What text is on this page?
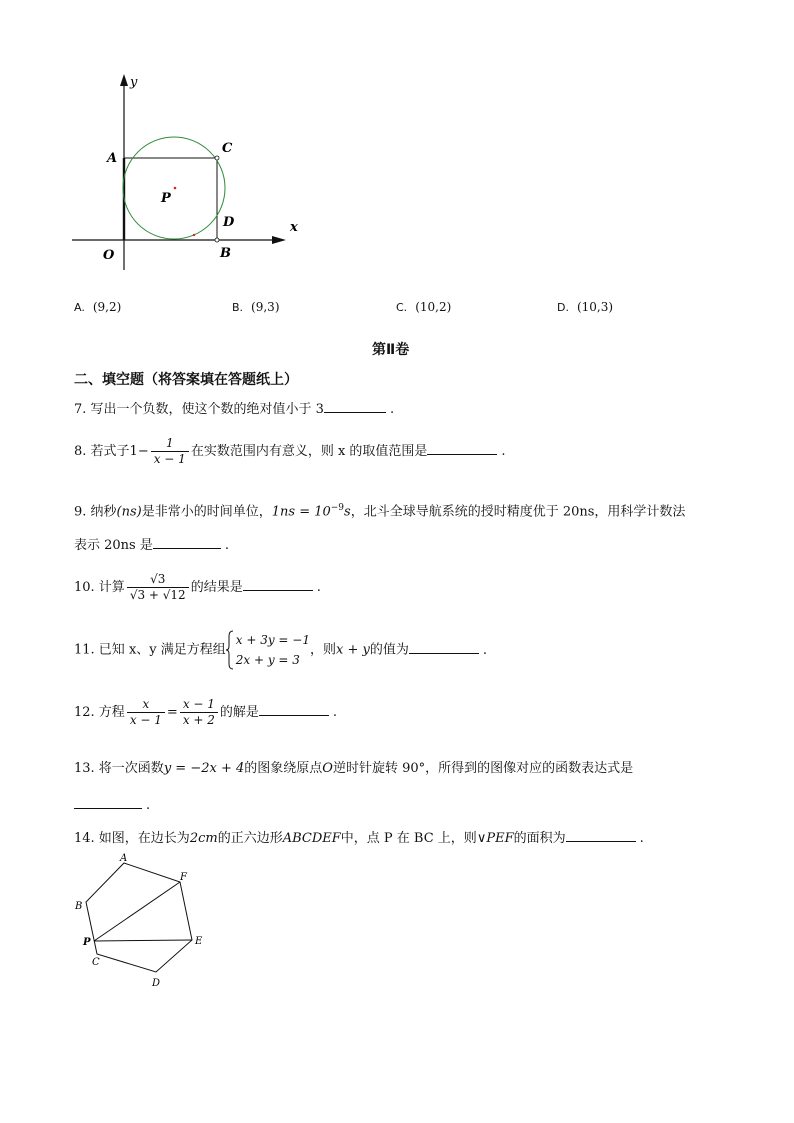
y
x
A
C
P
D
B
O
A. (9,2)	B. (9,3)	C. (10,2)	D. (10,3)
第Ⅱ卷
二、填空题（将答案填在答题纸上）
7. 写出一个负数，使这个数的绝对值小于 3	.
8. 若式子$1- \frac{1}{x - 1}$ 在实数范围内有意义，则 x 的取值范围是	.
9. 纳秒(ns)是非常小的时间单位，$1ns = 10^{-9}s$，北斗全球导航系统的授时精度优于 20ns，用科学计数法
表示 20ns 是	.
10. 计算 $\frac{√3}{√3 + √12}$ 的结果是	.
11. 已知 x、y 满足方程组
x + 3y = −1
2x + y = 3
，则x + y的值为	.
12. 方程 $\frac{x}{x - 1} = \frac{x - 1}{x + 2}$ 的解是	.
13. 将一次函数y = −2x + 4的图象绕原点O逆时针旋转 90°，所得到的图像对应的函数表达式是
.
14. 如图，在边长为2cm的正六边形ABCDEF中，点 P 在 BC 上，则∨PEF的面积为	.
A
F
B
P	E
C
D
